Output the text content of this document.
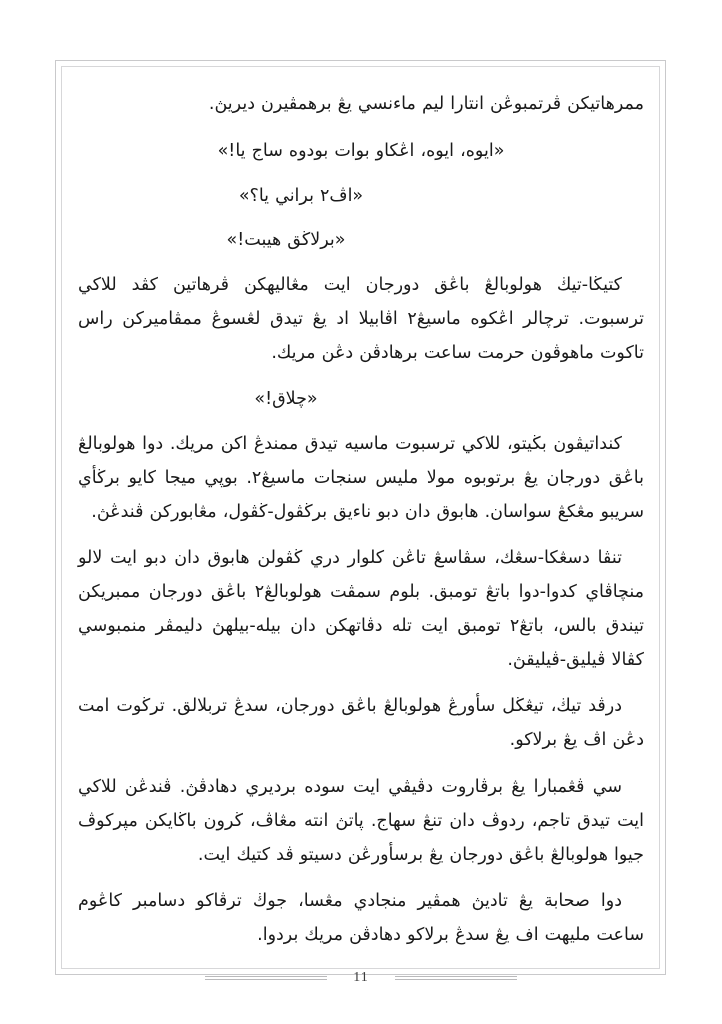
ممرهاتيكن ڤرتمبوڠن انتارا ليم ماءنسي يڠ برهمڤيرن ديريڽ.

«ايوه، ايوه، اڠكاو بوات بودوه ساج يا!»

«اڤ٢ براني يا؟»

«برلاڬق هيبت!»

كتيڬا-تيڬ هولوبالڠ باڠق دورجان ايت مڠاليهكن ڤرهاتين كڤد للاكي ترسبوت. ترچالر اڠكوه ماسيڠ٢ اڤابيلا اد يڠ تيدق لڠسوڠ ممڤاميركن راس تاكوت ماهوڤون حرمت ساعت برهادڤن دڠن مريك.

«چلاق!»

كنداتيڤون بڬيتو، للاكي ترسبوت ماسيه تيدق ممندڠ اكن مريك. دوا هولوبالڠ باڠق دورجان يڠ برتوبوه مولا مليس سنجات ماسيڠ٢. بوڽي ميجا كايو برڬأي سريبو مڠكڠ سواسان. هابوق دان دبو ناءيق برڬڤول-ڬڤول، مڠابوركن ڤندڠڽ.

تنڤا دسڠكا-سڠك، سڤاسڠ تاڠن كلوار دري ڬڤولن هابوق دان دبو ايت لالو منچاڤاي كدوا-دوا باتڠ تومبق. بلوم سمڤت هولوبالڠ٢ باڠق دورجان ممبريكن تيندق بالس، باتڠ٢ تومبق ايت تله دڤاتهكن دان بيله-بيلهڽ دليمڤر منمبوسي كڤالا ڤيليق-ڤيليقڽ.

درڤد تيڬ، تيڠڬل سأورڠ هولوبالڠ باڠق دورجان، سدڠ تربلالق. ترڬوت امت دڠن اڤ يڠ برلاكو.

سي ڤڠمبارا يڠ برڤاروت دڤيڤي ايت سوده برديري دهادڤڽ. ڤندڠن للاكي ايت تيدق تاجم، ردوڤ دان تنڠ سهاج. ڽاتڽ انته مڠاڤ، ڬرون باڬايكن مڽركوڤ جيوا هولوبالڠ باڠق دورجان يڠ برسأورڠن دسيتو ڤد كتيك ايت.

دوا صحابة يڠ تاديڽ همڤير منجادي مڠسا، جوڬ ترڤاكو دسامبر كاڠوم ساعت مليهت اف يڠ سدڠ برلاكو دهادڤن مريك بردوا.

11
